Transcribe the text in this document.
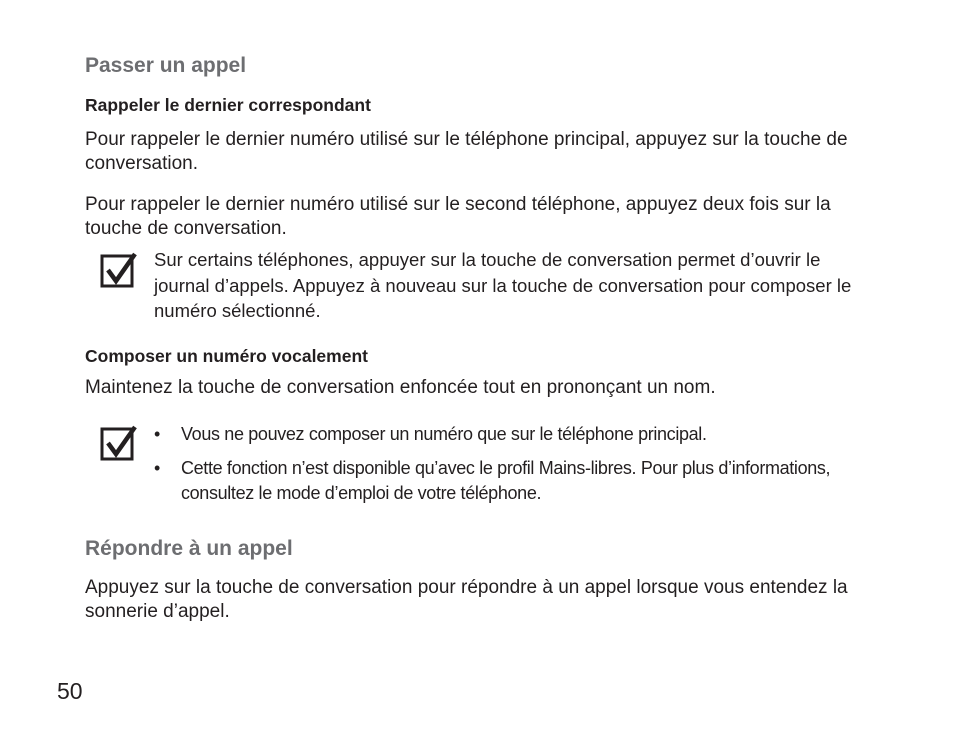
Passer un appel
Rappeler le dernier correspondant

Pour rappeler le dernier numéro utilisé sur le téléphone principal, appuyez sur la touche de conversation.

Pour rappeler le dernier numéro utilisé sur le second téléphone, appuyez deux fois sur la touche de conversation.

Sur certains téléphones, appuyer sur la touche de conversation permet d’ouvrir le journal d’appels. Appuyez à nouveau sur la touche de conversation pour composer le numéro sélectionné.

Composer un numéro vocalement

Maintenez la touche de conversation enfoncée tout en prononçant un nom.

• Vous ne pouvez composer un numéro que sur le téléphone principal.
• Cette fonction n’est disponible qu’avec le profil Mains-libres. Pour plus d’informations, consultez le mode d’emploi de votre téléphone.
Répondre à un appel

Appuyez sur la touche de conversation pour répondre à un appel lorsque vous entendez la sonnerie d’appel.

50
